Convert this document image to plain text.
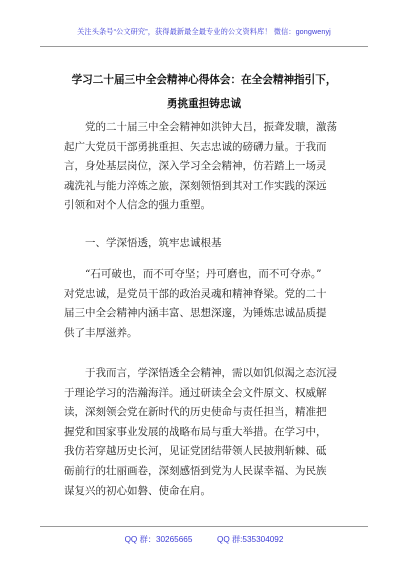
关注头条号“公文研究”，获得最新最全最专业的公文资料库！ 微信：gongwenyj
学习二十届三中全会精神心得体会：在全会精神指引下，
勇挑重担铸忠诚
党的二十届三中全会精神如洪钟大吕，振聋发聩，激荡
起广大党员干部勇挑重担、矢志忠诚的磅礴力量。于我而
言，身处基层岗位，深入学习全会精神，仿若踏上一场灵
魂洗礼与能力淬炼之旅，深刻领悟到其对工作实践的深远
引领和对个人信念的强力重塑。
一、学深悟透，筑牢忠诚根基
“石可破也，而不可夺坚；丹可磨也，而不可夺赤。”
对党忠诚，是党员干部的政治灵魂和精神脊梁。党的二十
届三中全会精神内涵丰富、思想深邃，为锤炼忠诚品质提
供了丰厚滋养。
于我而言，学深悟透全会精神，需以如饥似渴之态沉浸
于理论学习的浩瀚海洋。通过研读全会文件原文、权威解
读，深刻领会党在新时代的历史使命与责任担当，精准把
握党和国家事业发展的战略布局与重大举措。在学习中，
我仿若穿越历史长河，见证党团结带领人民披荆斩棘、砥
砺前行的壮丽画卷，深刻感悟到党为人民谋幸福、为民族
谋复兴的初心如磐、使命在肩。
QQ 群：30265665	QQ 群:535304092
